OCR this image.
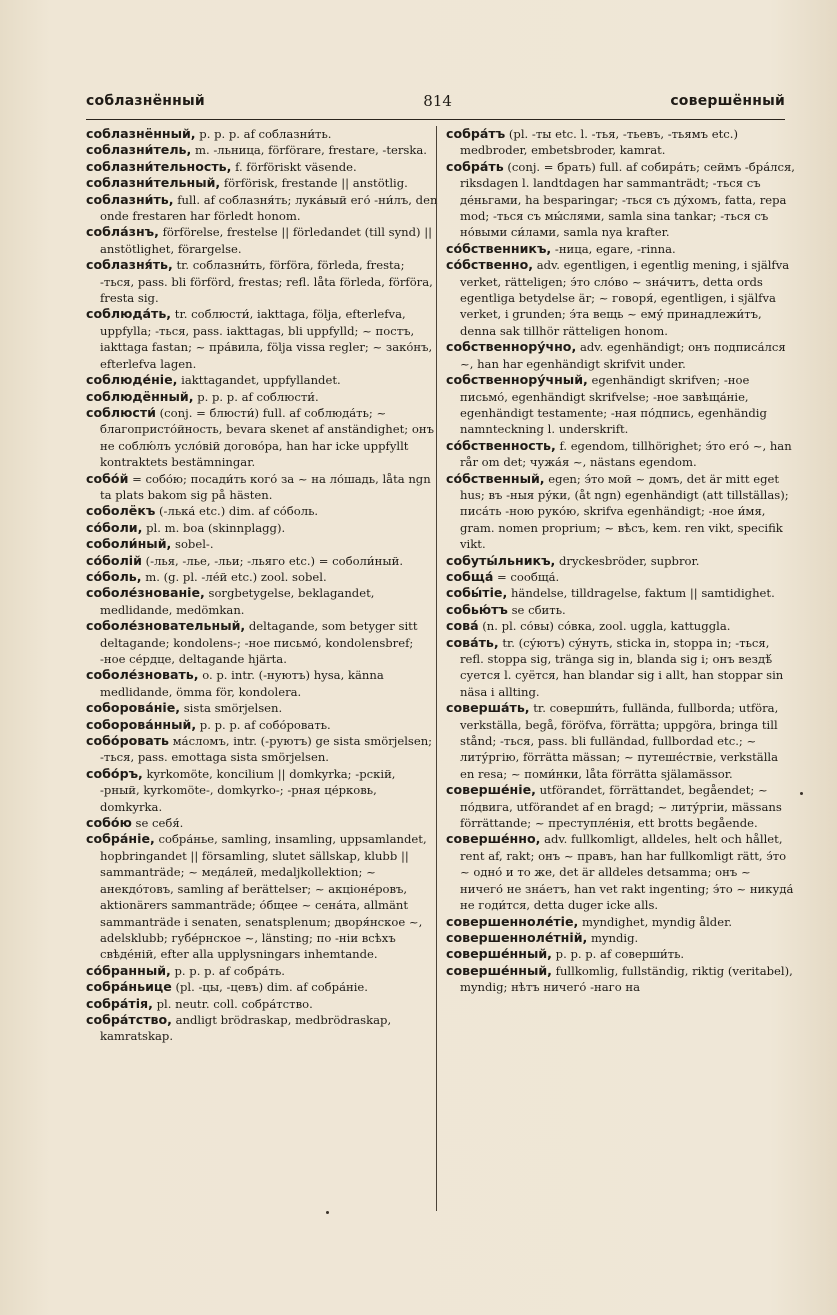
соблазнённый	814	совершённый

соблазнённый, p. p. p. af соблазни́ть.

соблазни́тель, m. -льница, förförare, frestare, -terska.

соблазни́тельность, f. förföriskt väsende.

соблазни́тельный, förförisk, frestande || anstötlig.

соблазни́ть, full. af соблазня́ть; лука́вый его́ -ни́лъ, den onde frestaren har förledt honom.

собла́знъ, förförelse, frestelse || förledandet (till synd) || anstötlighet, förargelse.

соблазня́ть, tr. соблазни́ть, förföra, förleda, fresta; -ться, pass. bli förförd, frestas; refl. låta förleda, förföra, fresta sig.

соблюда́ть, tr. соблюсти́, iakttaga, följa, efterlefva, uppfylla; -ться, pass. iakttagas, bli uppfylld; ~ постъ, iakttaga fastan; ~ пра́вила, följa vissa regler; ~ зако́нъ, efterlefva lagen.

соблюде́ніе, iakttagandet, uppfyllandet.

соблюдённый, p. p. p. af соблюсти́.

соблюсти́ (conj. = блюсти́) full. af соблюда́ть; ~ благопристо́йность, bevara skenet af anständighet; онъ не соблю́лъ усло́вій догово́ра, han har icke uppfyllt kontraktets bestämningar.

собо́й = собо́ю; посади́ть кого́ за ~ на ло́шадь, låta ngn ta plats bakom sig på hästen.

соболёкъ (-лька́ etc.) dim. af со́боль.

со́боли, pl. m. boa (skinnplagg).

соболи́ный, sobel-.

со́болій (-лья, -лье, -льи; -льяго etc.) = соболи́ный.

со́боль, m. (g. pl. -ле́й etc.) zool. sobel.

соболе́знованіе, sorgbetygelse, beklagandet, medlidande, medömkan.

соболе́зновательный, deltagande, som betyger sitt deltagande; kondolens-; -ное письмо́, kondolensbref; -ное се́рдце, deltagande hjärta.

соболе́зновать, o. p. intr. (-нуютъ) hysa, känna medlidande, ömma för, kondolera.

соборова́ніе, sista smörjelsen.

соборова́нный, p. p. p. af собо́ровать.

собо́ровать ма́сломъ, intr. (-руютъ) ge sista smörjelsen; -ться, pass. emottaga sista smörjelsen.

собо́ръ, kyrkomöte, koncilium || domkyrka; -рскій, -рный, kyrkomöte-, domkyrko-; -рная це́рковь, domkyrka.

собо́ю se себя́.

собра́ніе, собра́нье, samling, insamling, uppsamlandet, hopbringandet || församling, slutet sällskap, klubb || sammanträde; ~ меда́лей, medaljkollektion; ~ анекдо́товъ, samling af berättelser; ~ акціоне́ровъ, aktionärers sammanträde; о́бщее ~ сена́та, allmänt sammanträde i senaten, senatsplenum; дворя́нское ~, adelsklubb; губе́рнское ~, länsting; по -ніи всѣхъ свѣде́ній, efter alla upplysningars inhemtande.

со́бранный, p. p. p. af собра́ть.

собра́ньице (pl. -цы, -цевъ) dim. af собра́ніе.

собра́тія, pl. neutr. coll. собра́тство.

собра́тство, andligt brödraskap, medbrödraskap, kamratskap.

собра́тъ (pl. -ты etc. l. -тья, -тьевъ, -тьямъ etc.) medbroder, embetsbroder, kamrat.

собра́ть (conj. = брать) full. af собира́ть; сеймъ -бра́лся, riksdagen l. landtdagen har sammanträdt; -ться съ де́ньгами, ha besparingar; -ться съ ду́хомъ, fatta, repa mod; -ться съ мы́слями, samla sina tankar; -ться съ но́выми си́лами, samla nya krafter.

со́бственникъ, -ница, egare, -rinna.

со́бственно, adv. egentligen, i egentlig mening, i själfva verket, rätteligen; э́то сло́во ~ зна́читъ, detta ords egentliga betydelse är; ~ говоря́, egentligen, i själfva verket, i grunden; э́та вещь ~ ему́ принадлежи́тъ, denna sak tillhör rätteligen honom.

собственнору́чно, adv. egenhändigt; онъ подписа́лся ~, han har egenhändigt skrifvit under.

собственнору́чный, egenhändigt skrifven; -ное письмо́, egenhändigt skrifvelse; -ное завѣща́ніе, egenhändigt testamente; -ная по́дпись, egenhändig namnteckning l. underskrift.

со́бственность, f. egendom, tillhörighet; э́то его́ ~, han rår om det; чужа́я ~, nästans egendom.

со́бственный, egen; э́то мой ~ домъ, det är mitt eget hus; въ -ныя ру́ки, (åt ngn) egenhändigt (att tillställas); писа́ть -ною руко́ю, skrifva egenhändigt; -ное и́мя, gram. nomen proprium; ~ вѣсъ, kem. ren vikt, specifik vikt.

собуты́льникъ, dryckesbröder, supbror.

собща́ = сообща́.

собы́тіе, händelse, tilldragelse, faktum || samtidighet.

собью́тъ se сбить.

сова́ (n. pl. со́вы) со́вка, zool. uggla, kattuggla.

сова́ть, tr. (су́ютъ) су́нуть, sticka in, stoppa in; -ться, refl. stoppa sig, tränga sig in, blanda sig i; онъ вездѣ́ суется l. суётся, han blandar sig i allt, han stoppar sin näsa i allting.

соверша́ть, tr. соверши́ть, fullända, fullborda; utföra, verkställa, begå, föröfva, förrätta; uppgöra, bringa till stånd; -ться, pass. bli fulländad, fullbordad etc.; ~ литу́ргію, förrätta mässan; ~ путеше́ствіе, verkställa en resa; ~ поми́нки, låta förrätta själamässor.

соверше́ніе, utförandet, förrättandet, begåendet; ~ по́двига, utförandet af en bragd; ~ литу́ргіи, mässans förrättande; ~ преступле́нія, ett brotts begående.

соверше́нно, adv. fullkomligt, alldeles, helt och hållet, rent af, rakt; онъ ~ правъ, han har fullkomligt rätt, э́то ~ одно́ и то же, det är alldeles detsamma; онъ ~ ничего́ не зна́етъ, han vet rakt ingenting; э́то ~ никуда́ не годи́тся, detta duger icke alls.

совершенноле́тіе, myndighet, myndig ålder.

совершенноле́тній, myndig.

соверше́нный, p. p. p. af соверши́ть.

соверше́нный, fullkomlig, fullständig, riktig (veritabel), myndig; нѣтъ ничего́ -наго на
